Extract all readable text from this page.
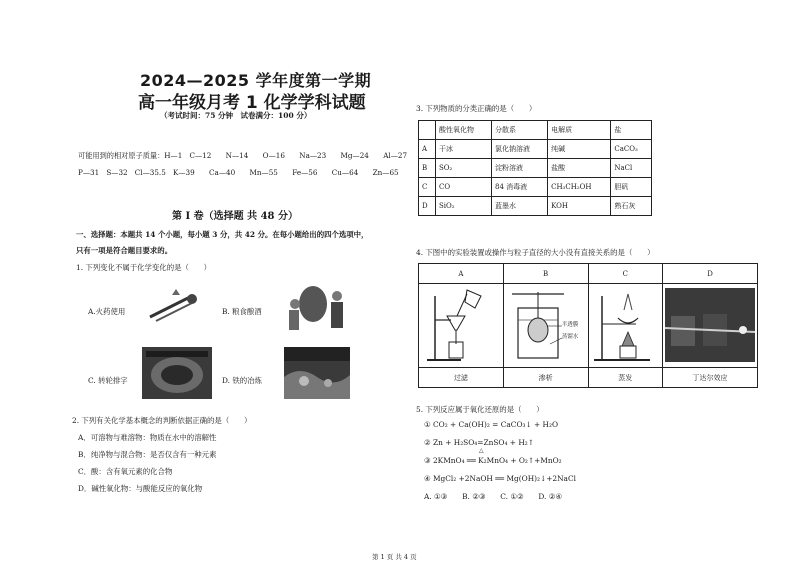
2024—2025 学年度第一学期
高一年级月考 1 化学学科试题
（考试时间：75 分钟　试卷满分：100 分）
可能用到的相对原子质量：H—1　C—12　　N—14　　O—16　　Na—23　　Mg—24　　Al—27
P—31　S—32　Cl—35.5　K—39　　Ca—40　　Mn—55　　Fe—56　　Cu—64　　Zn—65
第 I 卷（选择题 共 48 分）
一、选择题：本题共 14 个小题，每小题 3 分，共 42 分。在每小题给出的四个选项中，
只有一项是符合题目要求的。
1. 下列变化不属于化学变化的是（　　）
A.火药使用	B. 粮食酿酒
C. 转轮排字	D. 铁的冶炼
2. 下列有关化学基本概念的判断依据正确的是（　　）
A．可溶物与难溶物：物质在水中的溶解性
B．纯净物与混合物：是否仅含有一种元素
C．酸：含有氧元素的化合物
D．碱性氧化物：与酸能反应的氧化物
3. 下列物质的分类正确的是（　　）
	酸性氧化物	分散系	电解质	盐
A	干冰	氯化钠溶液	纯碱	CaCO₃
B	SO₂	淀粉溶液	盐酸	NaCl
C	CO	84 消毒液	CH₃CH₂OH	胆矾
D	SiO₂	蓝墨水	KOH	熟石灰
4. 下图中的实验装置或操作与粒子直径的大小没有直接关系的是（　　）
A	B	C	D

半透膜
蒸馏水

过滤	渗析	蒸发	丁达尔效应
5. 下列反应属于氧化还原的是（　　）
① CO₂ + Ca(OH)₂ = CaCO₃↓ + H₂O
② Zn + H₂SO₄=ZnSO₄ + H₂↑
△
③ 2KMnO₄ ══ K₂MnO₄ + O₂↑+MnO₂
④ MgCl₂ +2NaOH ══ Mg(OH)₂↓+2NaCl
A. ①③　　B. ②③　　C. ①②　　D. ②④
第 1 页 共 4 页
